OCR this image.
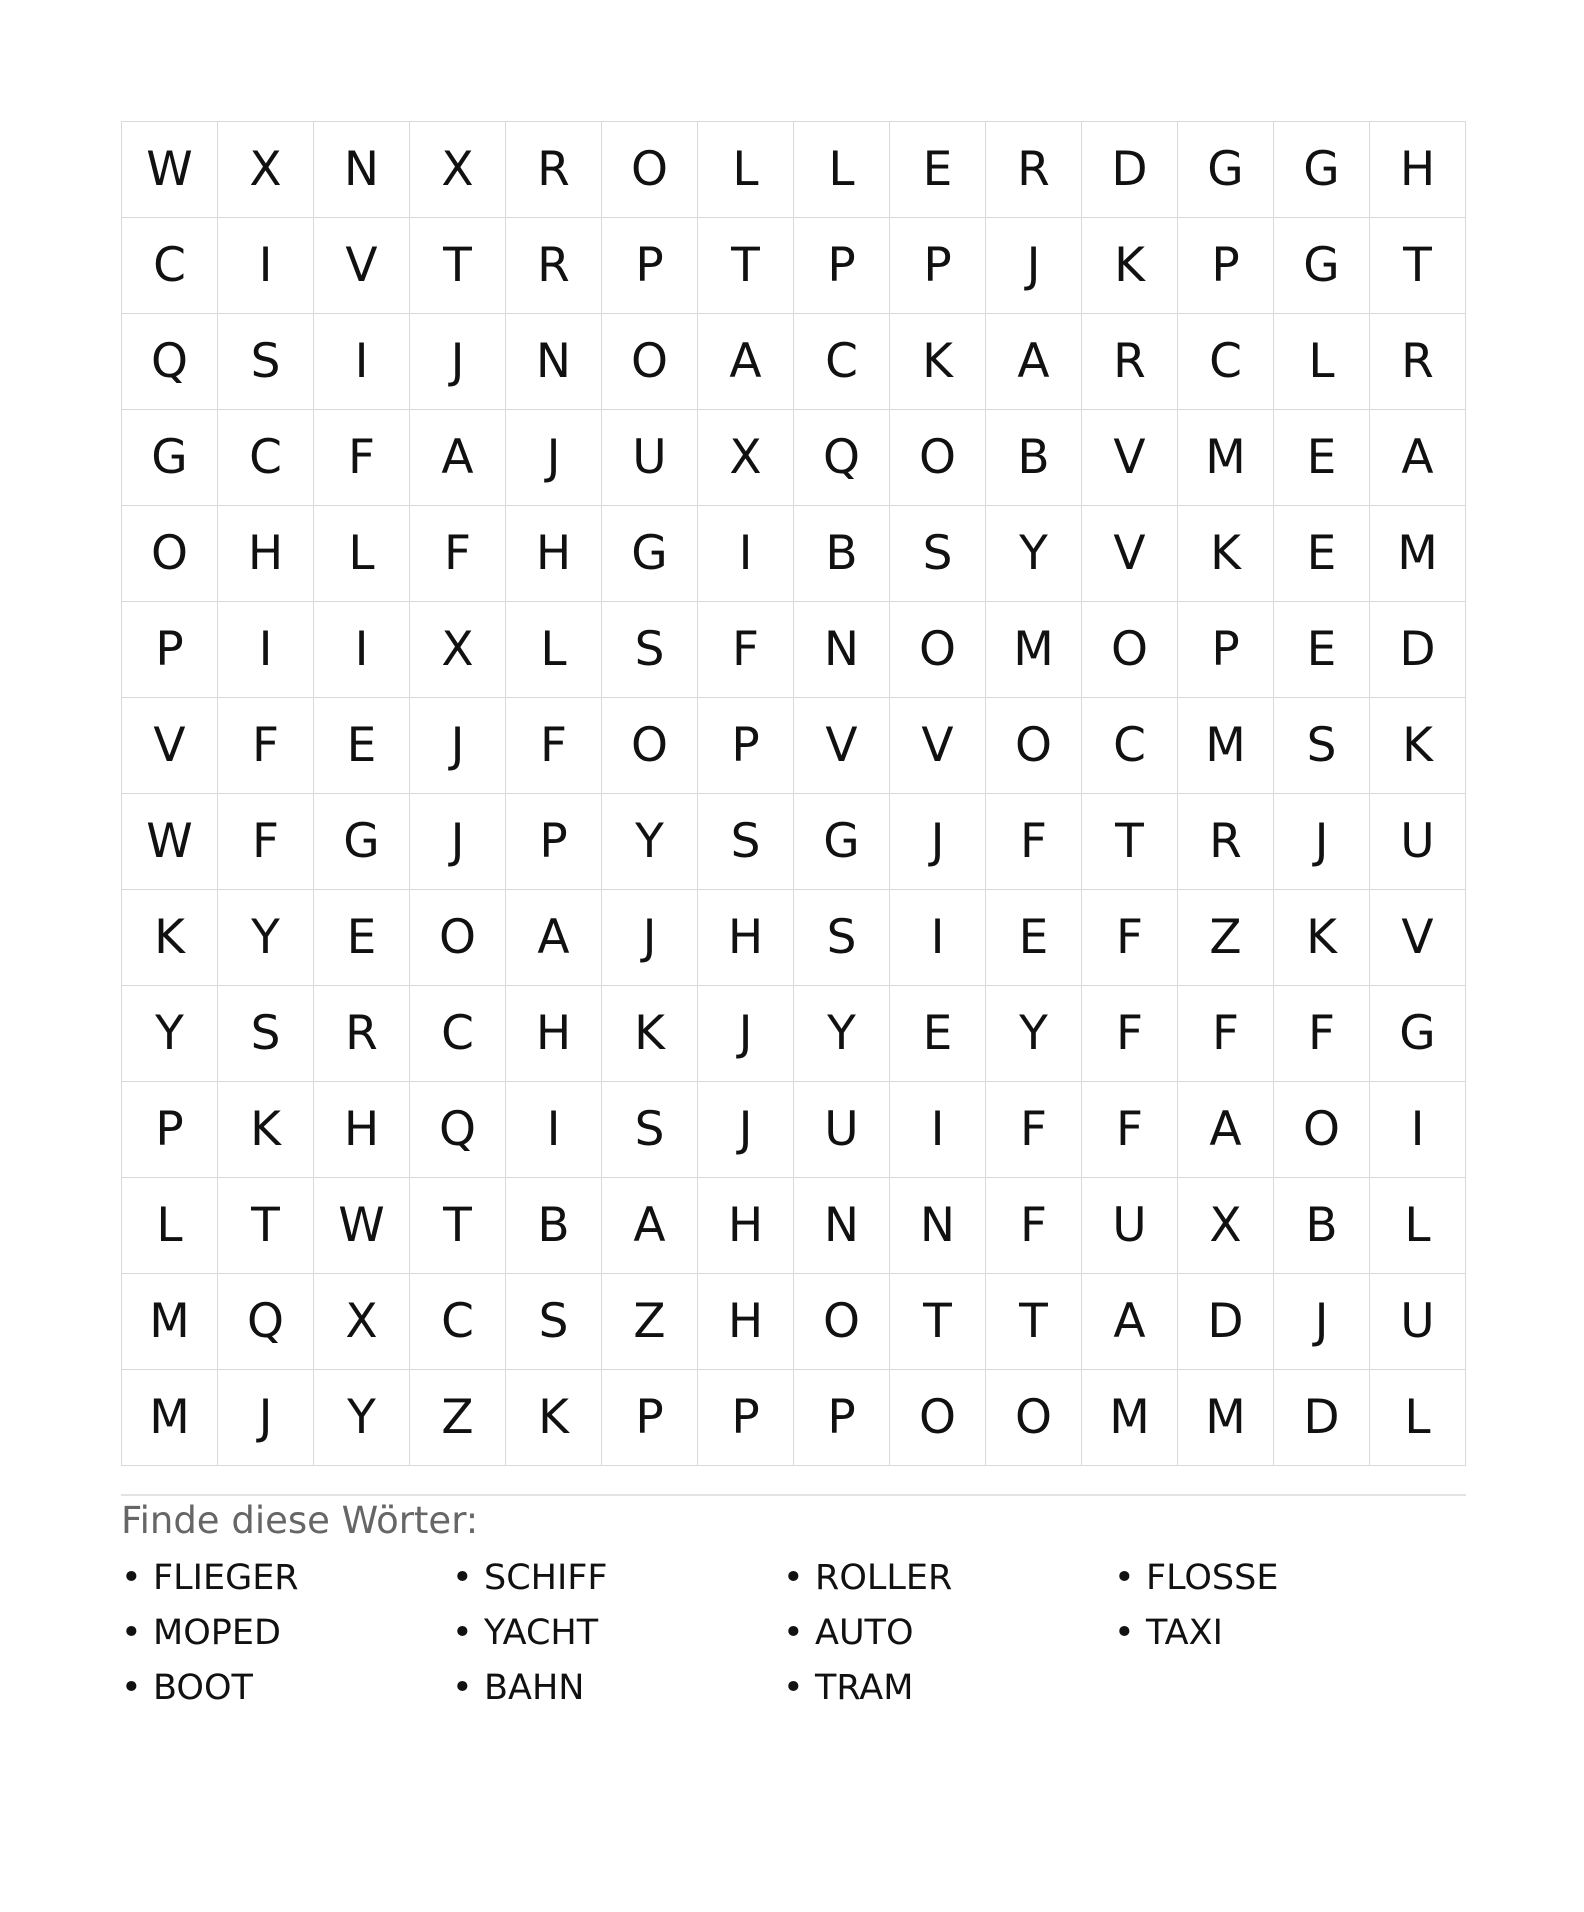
W	X	N	X	R	O	L	L	E	R	D	G	G	H
C	I	V	T	R	P	T	P	P	J	K	P	G	T
Q	S	I	J	N	O	A	C	K	A	R	C	L	R
G	C	F	A	J	U	X	Q	O	B	V	M	E	A
O	H	L	F	H	G	I	B	S	Y	V	K	E	M
P	I	I	X	L	S	F	N	O	M	O	P	E	D
V	F	E	J	F	O	P	V	V	O	C	M	S	K
W	F	G	J	P	Y	S	G	J	F	T	R	J	U
K	Y	E	O	A	J	H	S	I	E	F	Z	K	V
Y	S	R	C	H	K	J	Y	E	Y	F	F	F	G
P	K	H	Q	I	S	J	U	I	F	F	A	O	I
L	T	W	T	B	A	H	N	N	F	U	X	B	L
M	Q	X	C	S	Z	H	O	T	T	A	D	J	U
M	J	Y	Z	K	P	P	P	O	O	M	M	D	L
Finde diese Wörter:
• FLIEGER	• SCHIFF	• ROLLER	• FLOSSE
• MOPED	• YACHT	• AUTO	• TAXI
• BOOT	• BAHN	• TRAM
